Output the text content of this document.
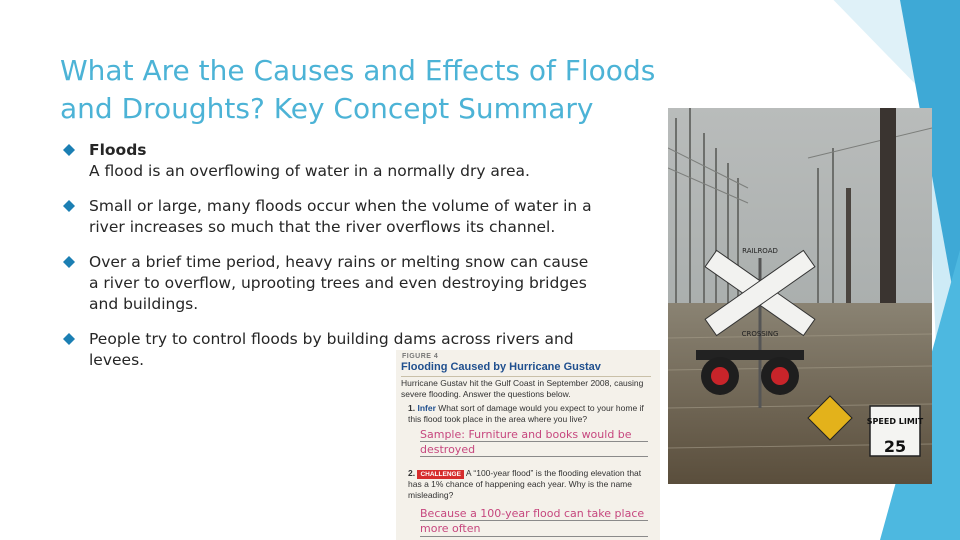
What Are the Causes and Effects of Floods
and Droughts? Key Concept Summary
Floods
A flood is an overflowing of water in a normally dry area.
Small or large, many floods occur when the volume of water in a
river increases so much that the river overflows its channel.
Over a brief time period, heavy rains or melting snow can cause
a river to overflow, uprooting trees and even destroying bridges
and buildings.
People try to control floods by building dams across rivers and
levees.
RAILROAD
CROSSING
SPEED LIMIT
25
FIGURE 4
Flooding Caused by Hurricane Gustav
Hurricane Gustav hit the Gulf Coast in September 2008, causing severe flooding. Answer the questions below.
1. Infer What sort of damage would you expect to your home if this flood took place in the area where you live?
Sample: Furniture and books would be destroyed
2. CHALLENGE A “100-year flood” is the flooding elevation that has a 1% chance of happening each year. Why is the name misleading?
Because a 100-year flood can take place more often
